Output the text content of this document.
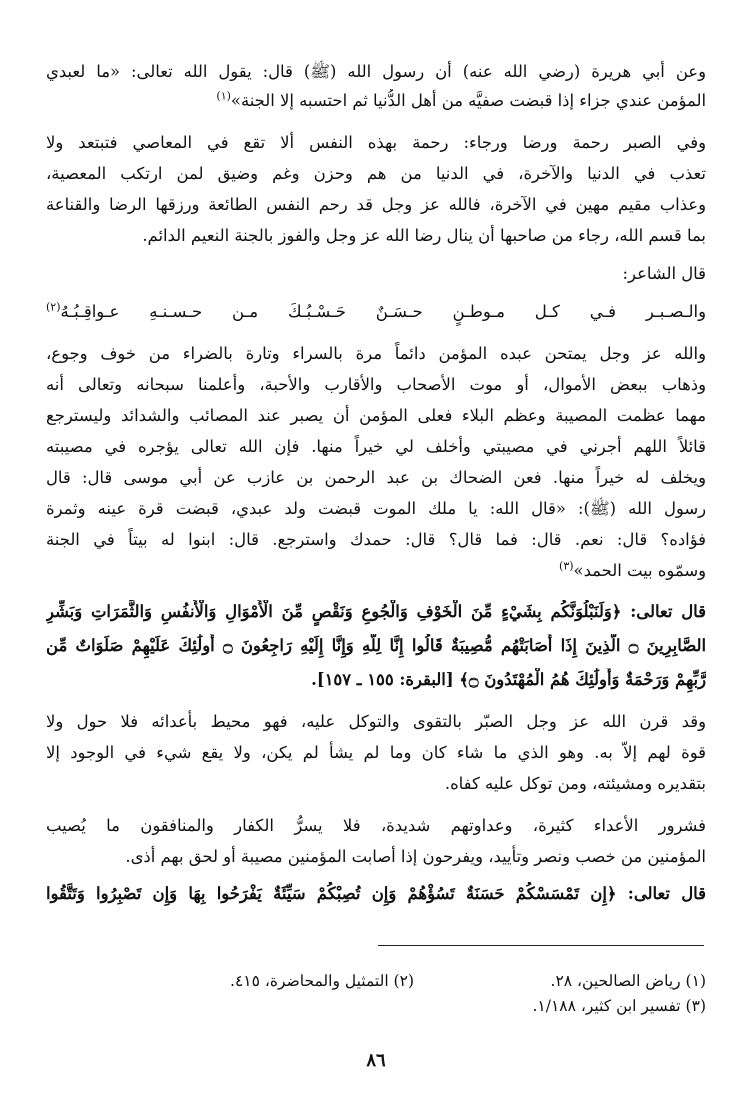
وعن أبي هريرة (رضي الله عنه) أن رسول الله (ﷺ) قال: يقول الله تعالى: «ما لعبدي
المؤمن عندي جزاء إذا قبضت صفيَّه من أهل الدُّنيا ثم احتسبه إلا الجنة»$^{(١)}$
وفي الصبر رحمة ورضا ورجاء: رحمة بهذه النفس ألا تقع في المعاصي فتبتعد ولا
تعذب في الدنيا والآخرة، في الدنيا من هم وحزن وغم وضيق لمن ارتكب المعصية،
وعذاب مقيم مهين في الآخرة، فالله عز وجل قد رحم النفس الطائعة ورزقها الرضا والقناعة
بما قسم الله، رجاء من صاحبها أن ينال رضا الله عز وجل والفوز بالجنة النعيم الدائم.
قال الشاعر:
والـصـبـر فـي كـل مـوطـنٍ حـسَـنٌ حَـسْـبُـكَ مـن حـسـنـهِ عـواقِـبُـهُ$^{(٢)}$
والله عز وجل يمتحن عبده المؤمن دائماً مرة بالسراء وتارة بالضراء من خوف وجوع،
وذهاب ببعض الأموال، أو موت الأصحاب والأقارب والأحبة، وأعلمنا سبحانه وتعالى أنه
مهما عظمت المصيبة وعظم البلاء فعلى المؤمن أن يصبر عند المصائب والشدائد وليسترجع
قائلاً اللهم أجرني في مصيبتي وأخلف لي خيراً منها. فإن الله تعالى يؤجره في مصيبته
ويخلف له خيراً منها. فعن الضحاك بن عبد الرحمن بن عازب عن أبي موسى قال: قال
رسول الله (ﷺ): «قال الله: يا ملك الموت قبضت ولد عبدي، قبضت قرة عينه وثمرة
فؤاده؟ قال: نعم. قال: فما قال؟ قال: حمدك واسترجع. قال: ابنوا له بيتاً في الجنة
وسمّوه بيت الحمد»$^{(٣)}$
قال تعالى: ﴿وَلَنَبْلُوَنَّكُم بِشَيْءٍ مِّنَ الْخَوْفِ وَالْجُوعِ وَنَقْصٍ مِّنَ الْأَمْوَالِ وَالْأَنفُسِ وَالثَّمَرَاتِ وَبَشِّرِ
الصَّابِرِينَ ۝ الَّذِينَ إِذَا أَصَابَتْهُم مُّصِيبَةٌ قَالُوا إِنَّا لِلَّهِ وَإِنَّا إِلَيْهِ رَاجِعُونَ ۝ أُولَٰئِكَ عَلَيْهِمْ صَلَوَاتٌ مِّن
رَّبِّهِمْ وَرَحْمَةٌ وَأُولَٰئِكَ هُمُ الْمُهْتَدُونَ ۝﴾ [البقرة: ١٥٥ ـ ١٥٧].
وقد قرن الله عز وجل الصبّر بالتقوى والتوكل عليه، فهو محيط بأعدائه فلا حول ولا
قوة لهم إلاّ به. وهو الذي ما شاء كان وما لم يشأ لم يكن، ولا يقع شيء في الوجود إلا
بتقديره ومشيئته، ومن توكل عليه كفاه.
فشرور الأعداء كثيرة، وعداوتهم شديدة، فلا يسرُّ الكفار والمنافقون ما يُصيب
المؤمنين من خصب ونصر وتأييد، ويفرحون إذا أصابت المؤمنين مصيبة أو لحق بهم أذى.
قال تعالى: ﴿إِن تَمْسَسْكُمْ حَسَنَةٌ تَسُؤْهُمْ وَإِن تُصِبْكُمْ سَيِّئَةٌ يَفْرَحُوا بِهَا وَإِن تَصْبِرُوا وَتَتَّقُوا
(١) رياض الصالحين، ٢٨.
(٢) التمثيل والمحاضرة، ٤١٥.
(٣) تفسير ابن كثير، ١/١٨٨.
٨٦
